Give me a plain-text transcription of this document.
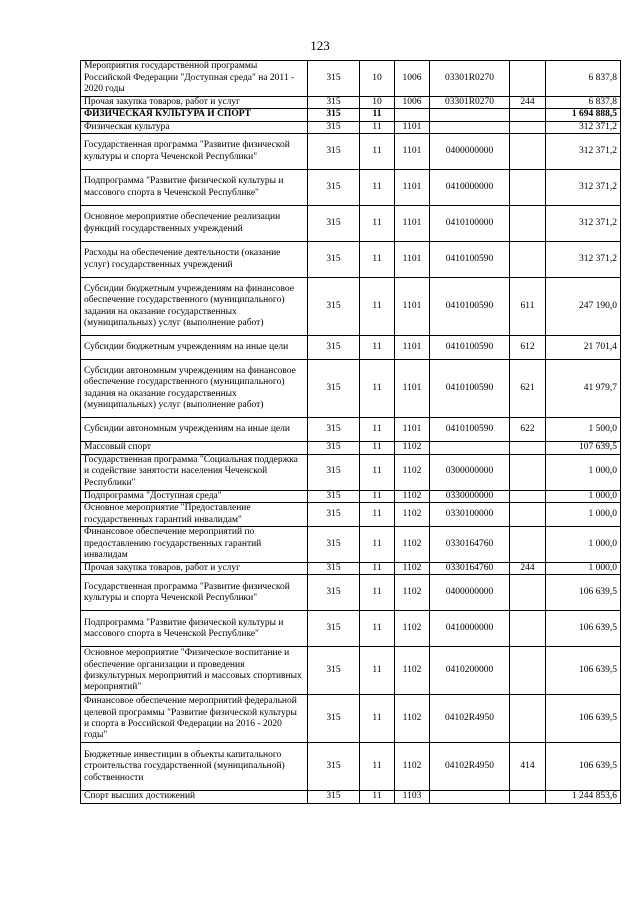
123
Мероприятия государственной программы Российской Федерации "Доступная среда" на 2011 - 2020 годы	315	10	1006	03301R0270		6 837,8
Прочая закупка товаров, работ и услуг	315	10	1006	03301R0270	244	6 837,8
ФИЗИЧЕСКАЯ КУЛЬТУРА И СПОРТ	315	11				1 694 888,5
Физическая культура	315	11	1101			312 371,2
Государственная программа "Развитие физической культуры и спорта Чеченской Республики"	315	11	1101	0400000000		312 371,2
Подпрограмма "Развитие физической культуры и массового спорта в Чеченской Республике"	315	11	1101	0410000000		312 371,2
Основное мероприятие обеспечение реализации функций государственных учреждений	315	11	1101	0410100000		312 371,2
Расходы на обеспечение деятельности (оказание услуг) государственных учреждений	315	11	1101	0410100590		312 371,2
Субсидии бюджетным учреждениям на финансовое обеспечение государственного (муниципального) задания на оказание государственных (муниципальных) услуг (выполнение работ)	315	11	1101	0410100590	611	247 190,0
Субсидии бюджетным учреждениям на иные цели	315	11	1101	0410100590	612	21 701,4
Субсидии автономным учреждениям на финансовое обеспечение государственного (муниципального) задания на оказание государственных (муниципальных) услуг (выполнение работ)	315	11	1101	0410100590	621	41 979,7
Субсидии автономным учреждениям на иные цели	315	11	1101	0410100590	622	1 500,0
Массовый спорт	315	11	1102			107 639,5
Государственная программа "Социальная поддержка и содействие занятости населения Чеченской Республики"	315	11	1102	0300000000		1 000,0
Подпрограмма "Доступная среда"	315	11	1102	0330000000		1 000,0
Основное мероприятие "Предоставление государственных гарантий инвалидам"	315	11	1102	0330100000		1 000,0
Финансовое обеспечение мероприятий по предоставлению государственных гарантий инвалидам	315	11	1102	0330164760		1 000,0
Прочая закупка товаров, работ и услуг	315	11	1102	0330164760	244	1 000,0
Государственная программа "Развитие физической культуры и спорта Чеченской Республики"	315	11	1102	0400000000		106 639,5
Подпрограмма "Развитие физической культуры и массового спорта в Чеченской Республике"	315	11	1102	0410000000		106 639,5
Основное мероприятие "Физическое воспитание и обеспечение организации и проведения физкультурных мероприятий и массовых спортивных мероприятий"	315	11	1102	0410200000		106 639,5
Финансовое обеспечение мероприятий федеральной целевой программы "Развитие физической культуры и спорта в Российской Федерации на 2016 - 2020 годы"	315	11	1102	04102R4950		106 639,5
Бюджетные инвестиции в объекты капитального строительства государственной (муниципальной) собственности	315	11	1102	04102R4950	414	106 639,5
Спорт высших достижений	315	11	1103			1 244 853,6
